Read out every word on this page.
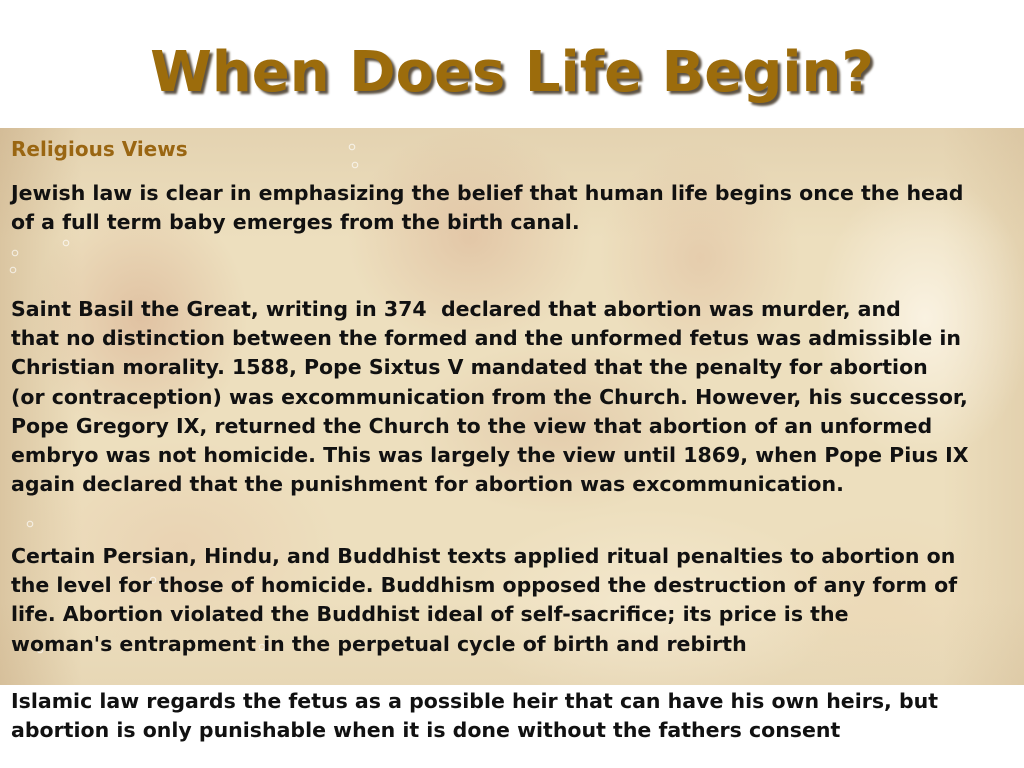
When Does Life Begin?
Religious Views
Jewish law is clear in emphasizing the belief that human life begins once the head
of a full term baby emerges from the birth canal.
Saint Basil the Great, writing in 374  declared that abortion was murder, and
that no distinction between the formed and the unformed fetus was admissible in
Christian morality. 1588, Pope Sixtus V mandated that the penalty for abortion
(or contraception) was excommunication from the Church. However, his successor,
Pope Gregory IX, returned the Church to the view that abortion of an unformed
embryo was not homicide. This was largely the view until 1869, when Pope Pius IX
again declared that the punishment for abortion was excommunication.
Certain Persian, Hindu, and Buddhist texts applied ritual penalties to abortion on
the level for those of homicide. Buddhism opposed the destruction of any form of
life. Abortion violated the Buddhist ideal of self-sacrifice; its price is the
woman's entrapment in the perpetual cycle of birth and rebirth
Islamic law regards the fetus as a possible heir that can have his own heirs, but
abortion is only punishable when it is done without the fathers consent
